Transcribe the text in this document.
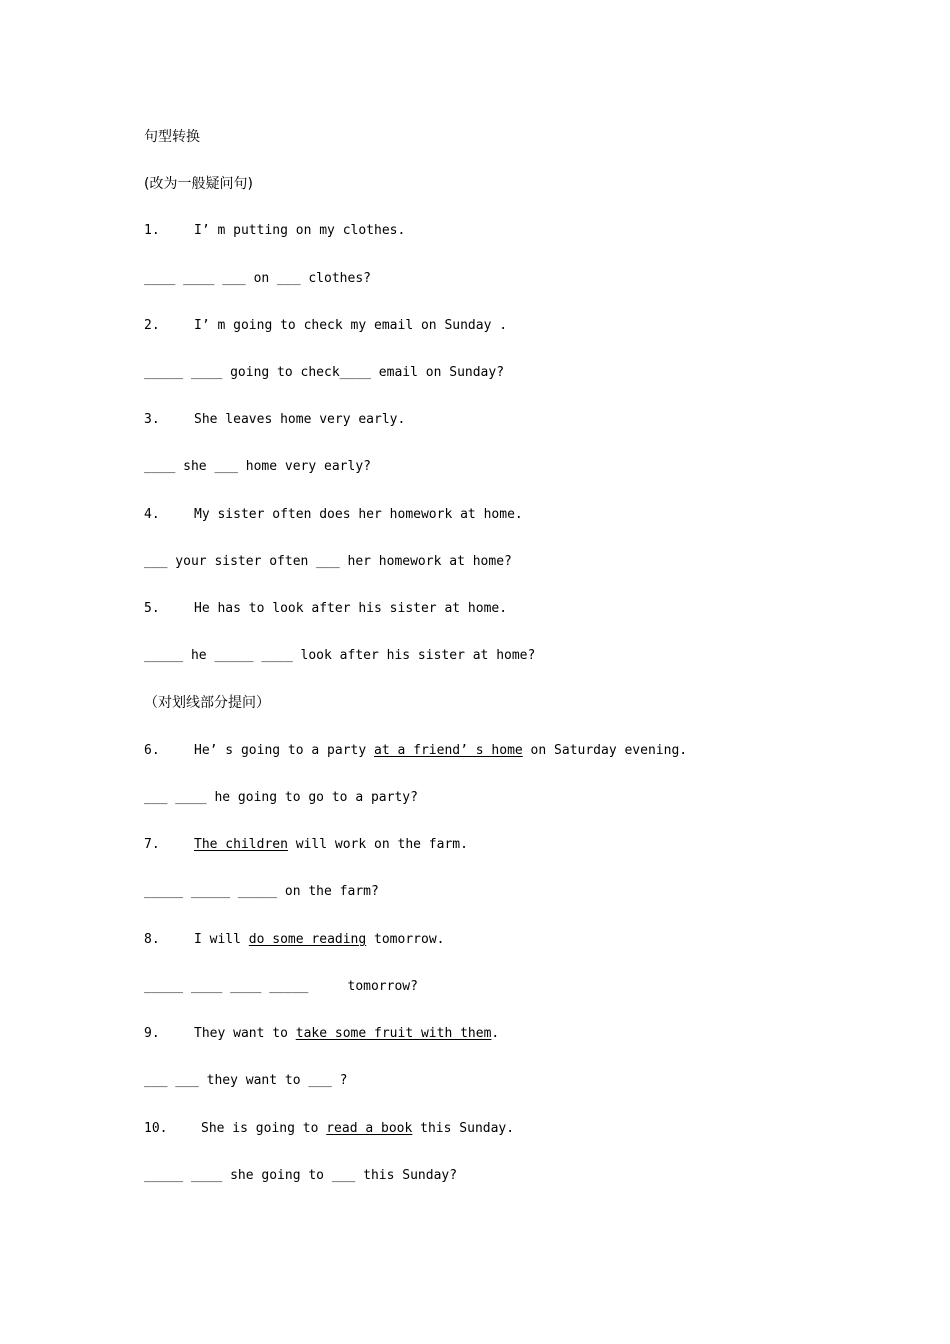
句型转换
(改为一般疑问句)
1.	I’ m putting on my clothes.
____ ____ ___ on ___ clothes?
2.	I’ m going to check my email on Sunday .
_____ ____ going to check____ email on Sunday?
3.	She leaves home very early.
____ she ___ home very early?
4.	My sister often does her homework at home.
___ your sister often ___ her homework at home?
5.	He has to look after his sister at home.
_____ he _____ ____ look after his sister at home?
（对划线部分提问）
6.	He’ s going to a party at a friend’ s home on Saturday evening.
___ ____ he going to go to a party?
7.	The children will work on the farm.
_____ _____ _____ on the farm?
8.	I will do some reading tomorrow.
_____ ____ ____ _____     tomorrow?
9.	They want to take some fruit with them.
___ ___ they want to ___ ?
10.	She is going to read a book this Sunday.
_____ ____ she going to ___ this Sunday?
